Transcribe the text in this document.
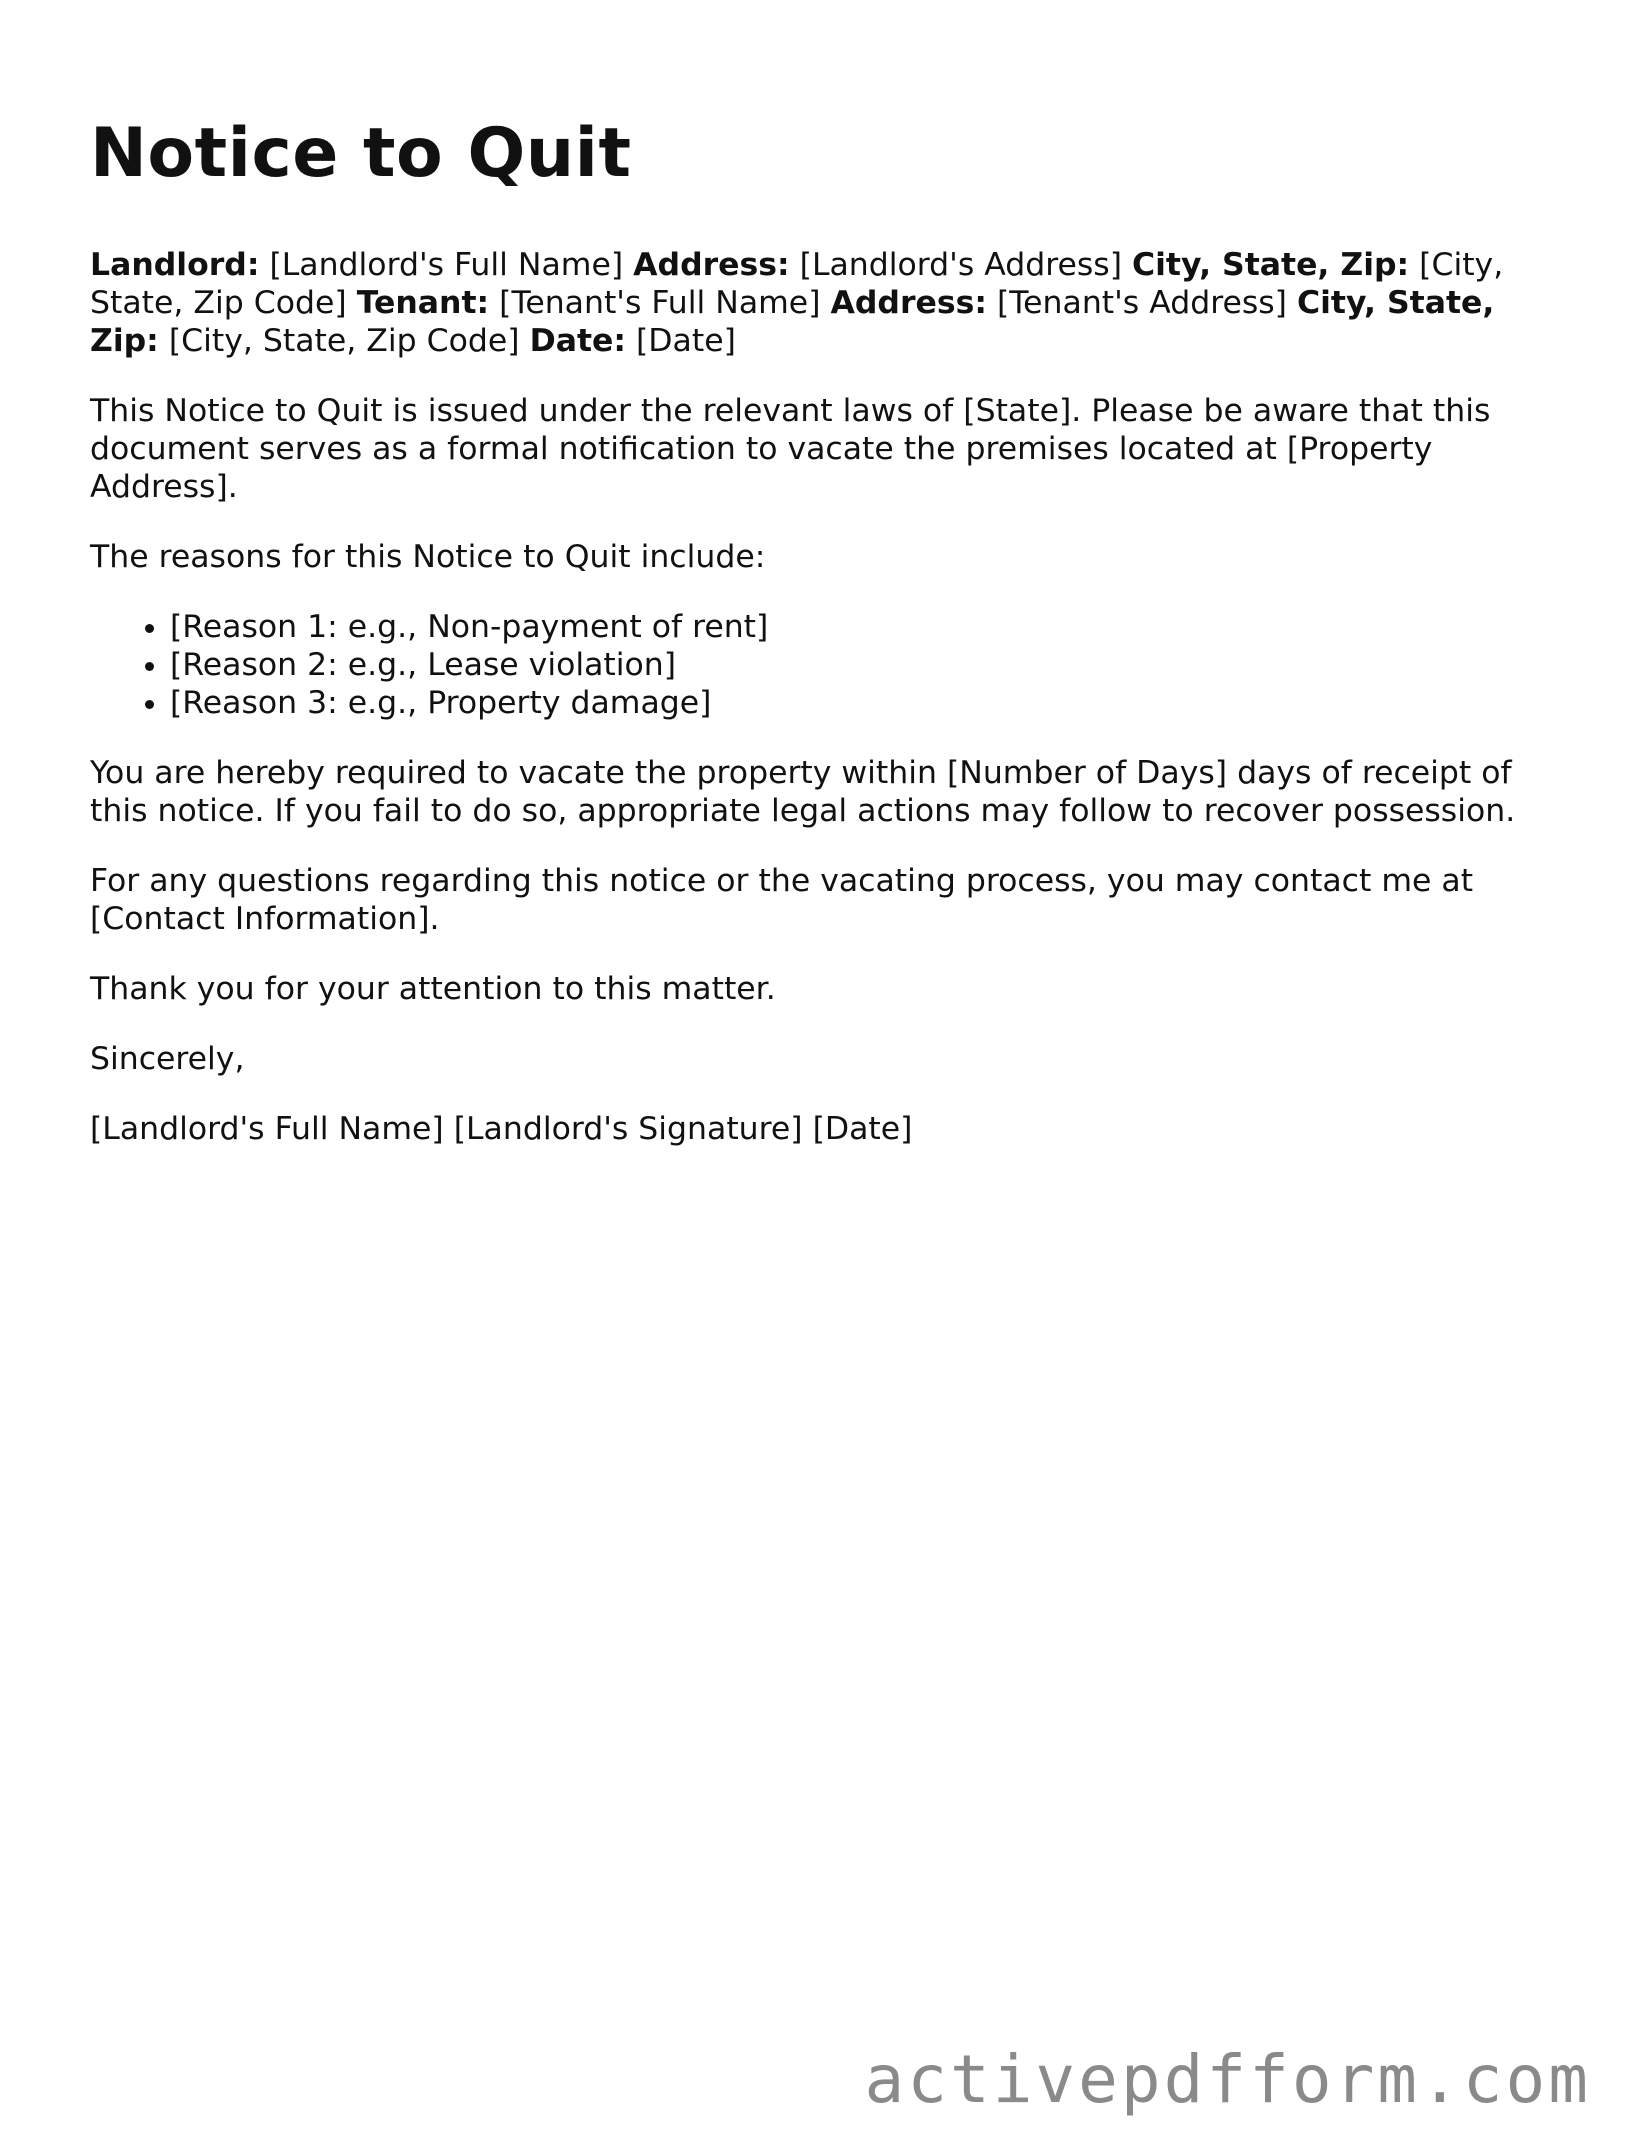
Notice to Quit

Landlord: [Landlord's Full Name] Address: [Landlord's Address] City, State, Zip: [City, State, Zip Code] Tenant: [Tenant's Full Name] Address: [Tenant's Address] City, State, Zip: [City, State, Zip Code] Date: [Date]

This Notice to Quit is issued under the relevant laws of [State]. Please be aware that this document serves as a formal notification to vacate the premises located at [Property Address].

The reasons for this Notice to Quit include:

• [Reason 1: e.g., Non-payment of rent]
• [Reason 2: e.g., Lease violation]
• [Reason 3: e.g., Property damage]

You are hereby required to vacate the property within [Number of Days] days of receipt of this notice. If you fail to do so, appropriate legal actions may follow to recover possession.

For any questions regarding this notice or the vacating process, you may contact me at [Contact Information].

Thank you for your attention to this matter.

Sincerely,

[Landlord's Full Name] [Landlord's Signature] [Date]

activepdfform.com
